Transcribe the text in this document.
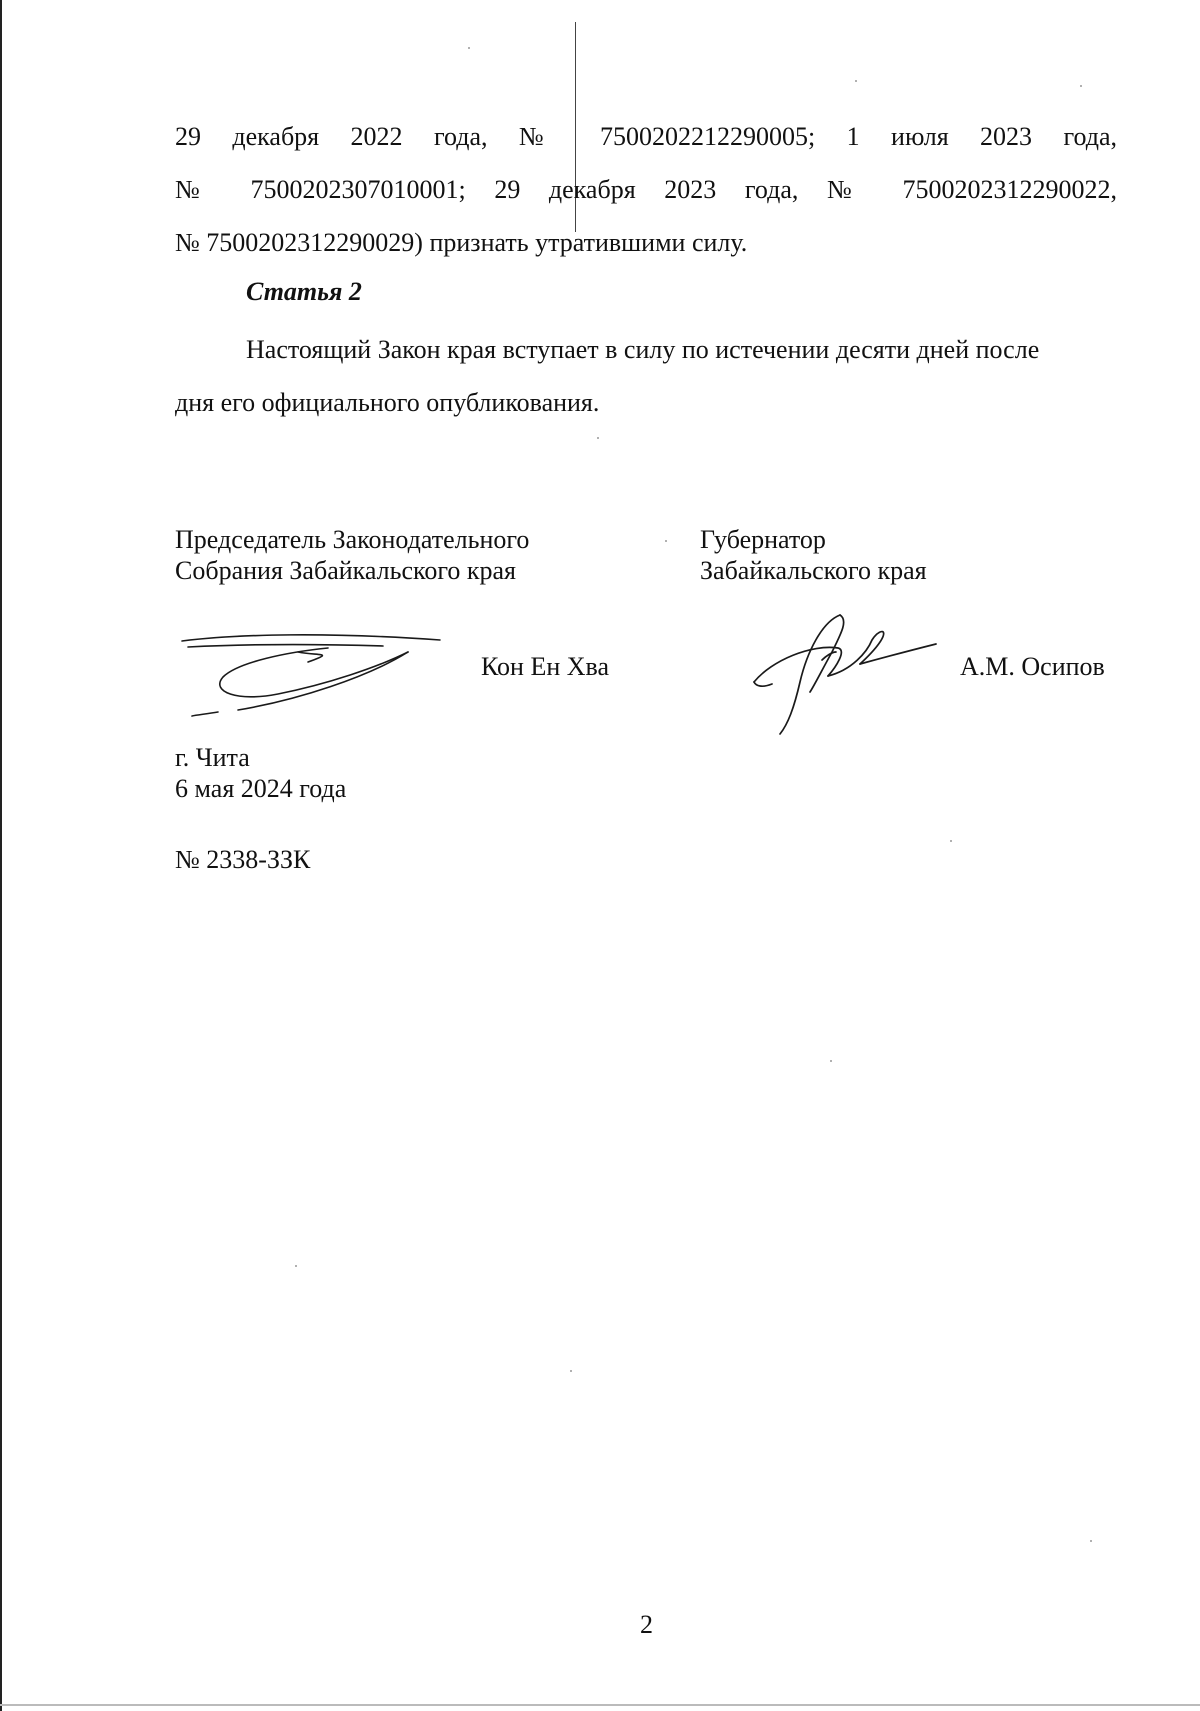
29 декабря 2022 года, № 7500202212290005; 1 июля 2023 года,
№ 7500202307010001; 29 декабря 2023 года, № 7500202312290022,
№ 7500202312290029) признать утратившими силу.
Статья 2
Настоящий Закон края вступает в силу по истечении десяти дней после
дня его официального опубликования.
Председатель Законодательного
Собрания Забайкальского края
Губернатор
Забайкальского края
Кон Ен Хва	А.М. Осипов
г. Чита
6 мая 2024 года
№ 2338-ЗЗК
2
